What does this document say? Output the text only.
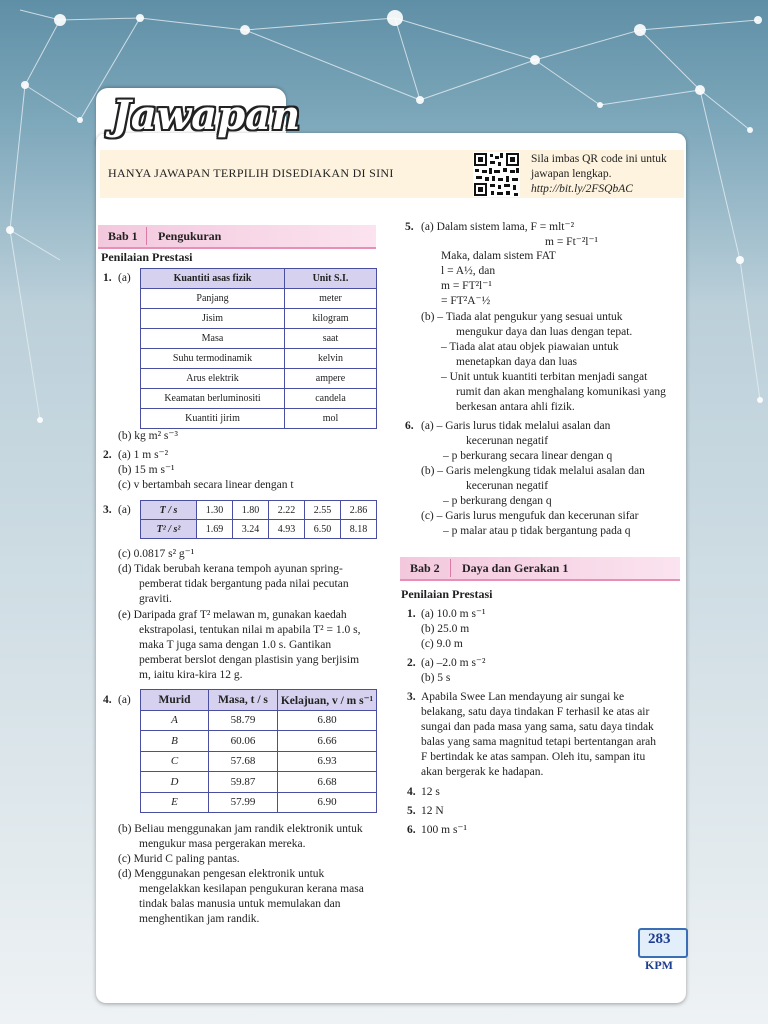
Jawapan
HANYA JAWAPAN TERPILIH DISEDIAKAN DI SINI
Sila imbas QR code ini untuk
jawapan lengkap.
http://bit.ly/2FSQbAC
Bab 1 Pengukuran
Penilaian Prestasi
1. (a)	Kuantiti asas fizik	Unit S.I.
Panjang	meter
Jisim	kilogram
Masa	saat
Suhu termodinamik	kelvin
Arus elektrik	ampere
Keamatan berluminositi	candela
Kuantiti jirim	mol
(b) kg m² s⁻³
2. (a) 1 m s⁻²
(b) 15 m s⁻¹
(c) v bertambah secara linear dengan t
3. (a)	T / s	1.30	1.80	2.22	2.55	2.86
T² / s²	1.69	3.24	4.93	6.50	8.18
(c) 0.0817 s² g⁻¹
(d) Tidak berubah kerana tempoh ayunan spring-
pemberat tidak bergantung pada nilai pecutan
graviti.
(e) Daripada graf T² melawan m, gunakan kaedah
ekstrapolasi, tentukan nilai m apabila T² = 1.0 s,
maka T juga sama dengan 1.0 s. Gantikan
pemberat berslot dengan plastisin yang berjisim
m, iaitu kira-kira 12 g.
4. (a) Murid	Masa, t / s	Kelajuan, v / m s⁻¹
A	58.79	6.80
B	60.06	6.66
C	57.68	6.93
D	59.87	6.68
E	57.99	6.90
(b) Beliau menggunakan jam randik elektronik untuk
mengukur masa pergerakan mereka.
(c) Murid C paling pantas.
(d) Menggunakan pengesan elektronik untuk
mengelakkan kesilapan pengukuran kerana masa
tindak balas manusia untuk memulakan dan
menghentikan jam randik.
5. (a) Dalam sistem lama, F = mlt⁻²
m = Ft⁻²l⁻¹
Maka, dalam sistem FAT
l = A½, dan
m = FT²l⁻¹
= FT²A⁻½
(b) – Tiada alat pengukur yang sesuai untuk
mengukur daya dan luas dengan tepat.
– Tiada alat atau objek piawaian untuk
menetapkan daya dan luas
– Unit untuk kuantiti terbitan menjadi sangat
rumit dan akan menghalang komunikasi yang
berkesan antara ahli fizik.
6. (a) – Garis lurus tidak melalui asalan dan
kecerunan negatif
– p berkurang secara linear dengan q
(b) – Garis melengkung tidak melalui asalan dan
kecerunan negatif
– p berkurang dengan q
(c) – Garis lurus mengufuk dan kecerunan sifar
– p malar atau p tidak bergantung pada q
Bab 2 Daya dan Gerakan 1
Penilaian Prestasi
1. (a) 10.0 m s⁻¹
(b) 25.0 m
(c) 9.0 m
2. (a) –2.0 m s⁻²
(b) 5 s
3. Apabila Swee Lan mendayung air sungai ke
belakang, satu daya tindakan F terhasil ke atas air
sungai dan pada masa yang sama, satu daya tindak
balas yang sama magnitud tetapi bertentangan arah
F bertindak ke atas sampan. Oleh itu, sampan itu
akan bergerak ke hadapan.
4. 12 s
5. 12 N
6. 100 m s⁻¹
283
KPM
